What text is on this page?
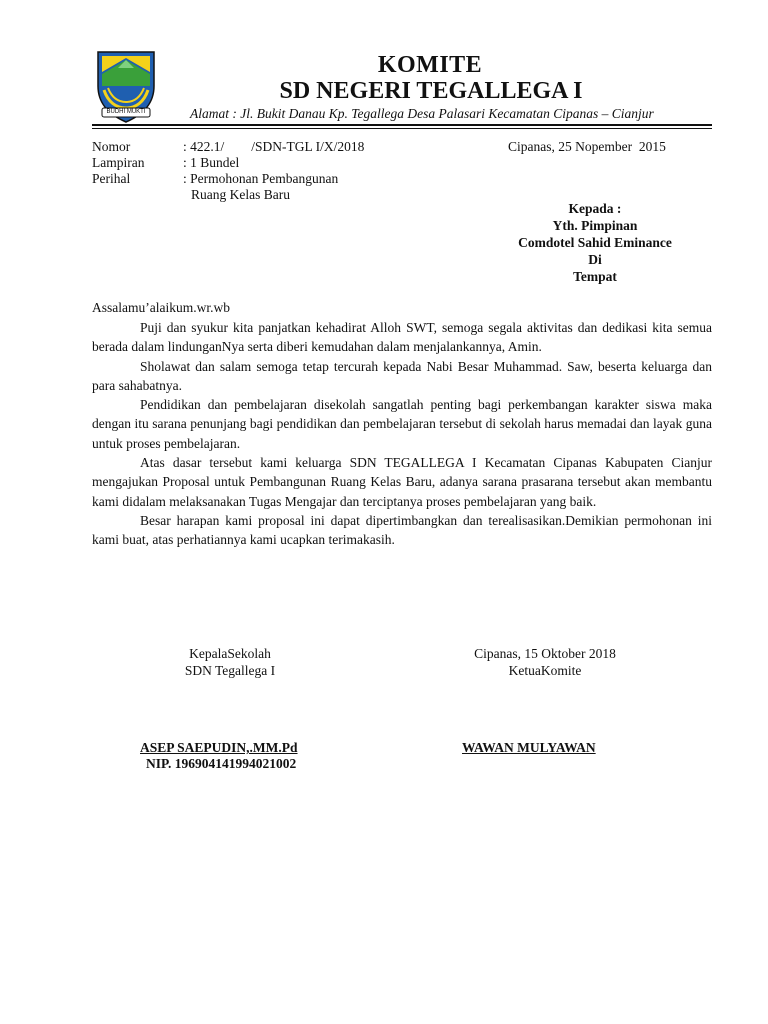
BUDHI MUKTI
KOMITE
SD NEGERI TEGALLEGA I
Alamat : Jl. Bukit Danau Kp. Tegallega Desa Palasari Kecamatan Cipanas – Cianjur
Nomor	: 422.1/        /SDN-TGL I/X/2018
Lampiran	: 1 Bundel
Perihal	: Permohonan Pembangunan
Ruang Kelas Baru
Cipanas, 25 Nopember  2015
Kepada :
Yth. Pimpinan
Comdotel Sahid Eminance
Di
Tempat
Assalamu’alaikum.wr.wb

Puji dan syukur kita panjatkan kehadirat Alloh SWT, semoga segala aktivitas dan dedikasi kita semua berada dalam lindunganNya serta diberi kemudahan dalam menjalankannya, Amin.

Sholawat dan salam semoga tetap tercurah kepada Nabi Besar Muhammad. Saw, beserta keluarga dan para sahabatnya.

Pendidikan dan pembelajaran disekolah sangatlah penting bagi perkembangan karakter siswa maka dengan itu sarana penunjang bagi pendidikan dan pembelajaran tersebut di sekolah harus memadai dan layak guna untuk proses pembelajaran.

Atas dasar tersebut kami keluarga SDN TEGALLEGA I Kecamatan Cipanas Kabupaten Cianjur mengajukan Proposal untuk Pembangunan Ruang Kelas Baru, adanya sarana prasarana tersebut akan membantu kami didalam melaksanakan Tugas Mengajar dan terciptanya proses pembelajaran yang baik.

Besar harapan kami proposal ini dapat dipertimbangkan dan terealisasikan.Demikian permohonan ini kami buat, atas perhatiannya kami ucapkan terimakasih.

KepalaSekolah
SDN Tegallega I
Cipanas, 15 Oktober 2018
KetuaKomite
ASEP SAEPUDIN,.MM.Pd
NIP. 196904141994021002
WAWAN MULYAWAN
